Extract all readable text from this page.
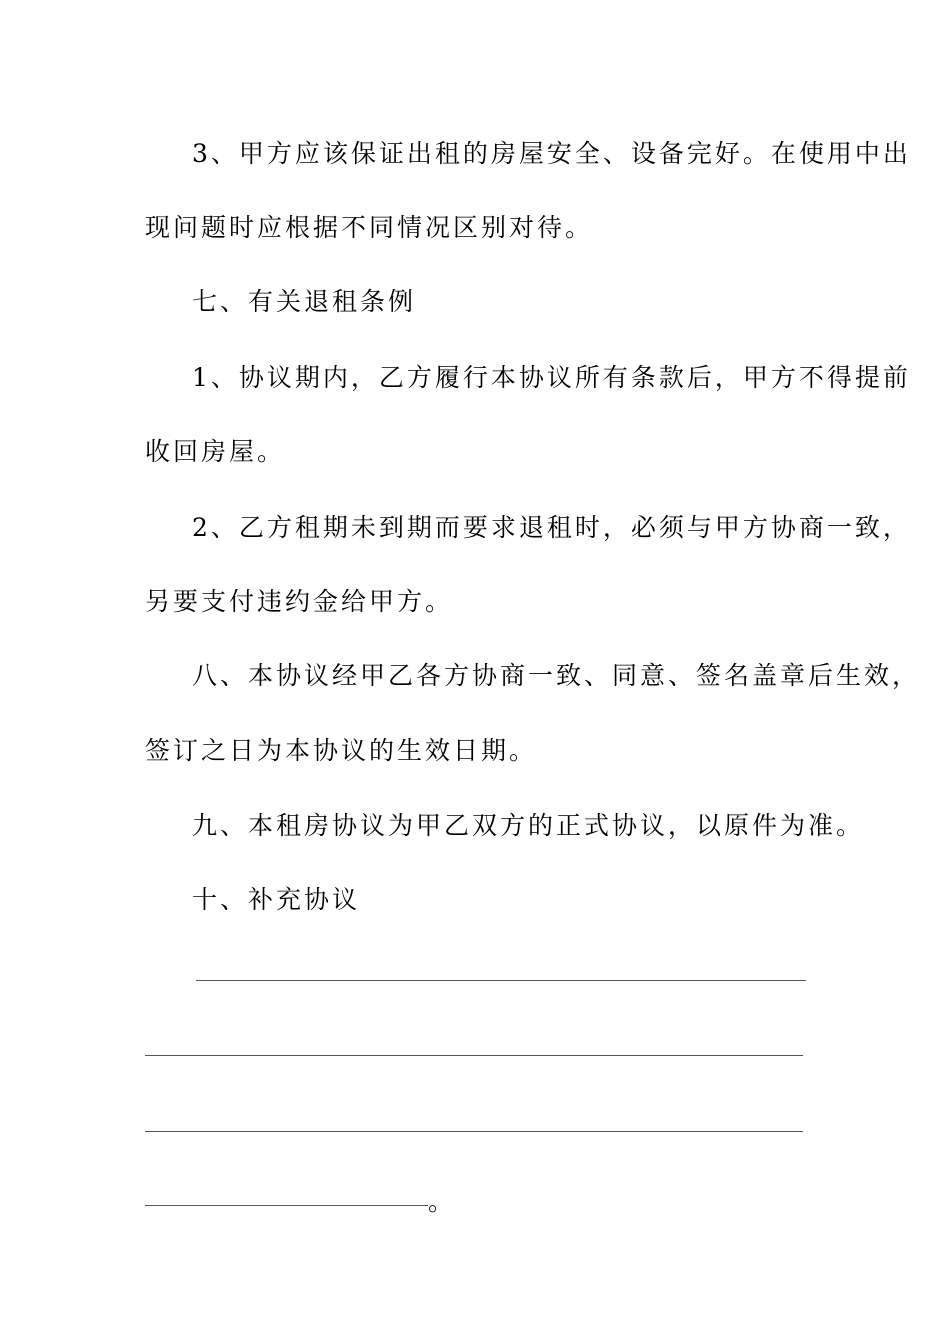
3、甲方应该保证出租的房屋安全、设备完好。在使用中出
现问题时应根据不同情况区别对待。
七、有关退租条例
1、协议期内，乙方履行本协议所有条款后，甲方不得提前
收回房屋。
2、乙方租期未到期而要求退租时，必须与甲方协商一致，
另要支付违约金给甲方。
八、本协议经甲乙各方协商一致、同意、签名盖章后生效，
签订之日为本协议的生效日期。
九、本租房协议为甲乙双方的正式协议，以原件为准。
十、补充协议
。
